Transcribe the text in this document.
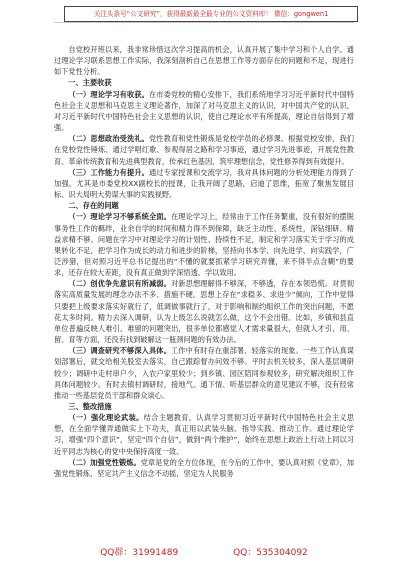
关注头条号“公文研究”，获得最新最全最专业的公文资料库！ 微信：gongwen1

自党校开班以来，我非常珍惜这次学习提高的机会，认真开展了集中学习和个人自学。通过理论学习联系思想工作实际，我深刻剖析自己在思想工作等方面存在的问题和不足，现进行如下党性分析。

一、主要收获

（一）理论学习有收获。在市委党校的精心安排下，我们系统地学习习近平新时代中国特色社会主义思想和马克思主义理论著作，加深了对马克思主义的认识，对中国共产党的认识，对习近平新时代中国特色社会主义思想的认识，使自己理论水平有所提高，理论自信得到了增强。

（二）思想政治受洗礼。党性教育和党性锻炼是党校学员的必修课。根据党校安排，我们在党校党性锤炼、通过学唱红歌、参观得居之路和学习事迹，通过学习先进事迹，开展党性教育、革命传统教育和先进典型教育，传承红色基因，筑牢理想信念，党性修养得到有效提升。

（三）工作能力有提升。通过专家授课和交流学习，我对具体问题的分析处理能力得到了加强。尤其是市委党校XX副校长的授课，让我开阔了思路，启迪了思维，拓宽了聚焦发展目标、识大局明大势谋大事的实践视野。

二、存在的问题

（一）理论学习不够系统全面。在理论学习上，经常由于工作任务繁重，没有很好的摆脱事务性工作的羁绊，业余自学的时间和精力得不到保障，缺乏主动性、系统性，深钻细研、精益求精不够。问题在学习中对理论学习的计划性、持续性不足，制定和学习落实关于学习的成果转化不足，把学习作为成长的动力和进步的阶梯，坚持向书本学、向先进学、向实践学，广泛涉猎，但对照习近平总书记提出的“不懂的就要抓紧学习研究弄懂，来不得半点含糊”的要求，还存在较大差距，没有真正做到学深悟透、学以致用。

（二）创优争先意识有所减弱。对新思想理解得不够深，不够透，存在本领恐慌。对贯彻落实高质量发展的理念办法不多、措施不硬。思想上存在“求稳多、求进少”倾向，工作中觉得只要把上级要求落实好就行了，低调做事就行了，对于影响和制约组织工作的突出问题，不愿花太多时间。精力去深入调研，认为上级怎么说就怎么做，这个不会出错。比如，乡镇和县直单位普遍反映人难引、难留的问题突出，很多单位都感觉人才需求量很大，但就人才引，用、留、育等方面，还没有找到破解这一瓶颈问题的有效办法。

（三）调查研究不够深入具体。工作中有时存在重部署、轻落实的现象。一些工作认真谋划部署后，就交给相关股室去落实，自己跟踪督办问效不够。平时去机关较多，深入基层调研较少；调研中走村串户少，入农户家里较少；到乡镇、园区陪同参观较多，研究解决组织工作具体问题较少。有时去镇村调研时，接地气、通下情、听基层群众的意见建议不够，没有经常推动一些基层党员干部和群众谈心。

三、整改措施

（一）强化理论武装。结合主题教育，认真学习贯彻习近平新时代中国特色社会主义思想，在全面学懂弄通做实上下功夫，真正用以武装头脑、指导实践、推动工作。通过理论学习，增强“四个意识”，坚定“四个自信”，做到“两个维护”，始终在思想上政治上行动上同以习近平同志为核心的党中央保持高度一致。

（二）加强党性锻炼。党章是党的全方位体现，在今后的工作中，要认真对照《党章》，加强党性锻炼，坚定共产主义信念不动摇，坚定为人民服务

QQ群：31991489	QQ：535304092
